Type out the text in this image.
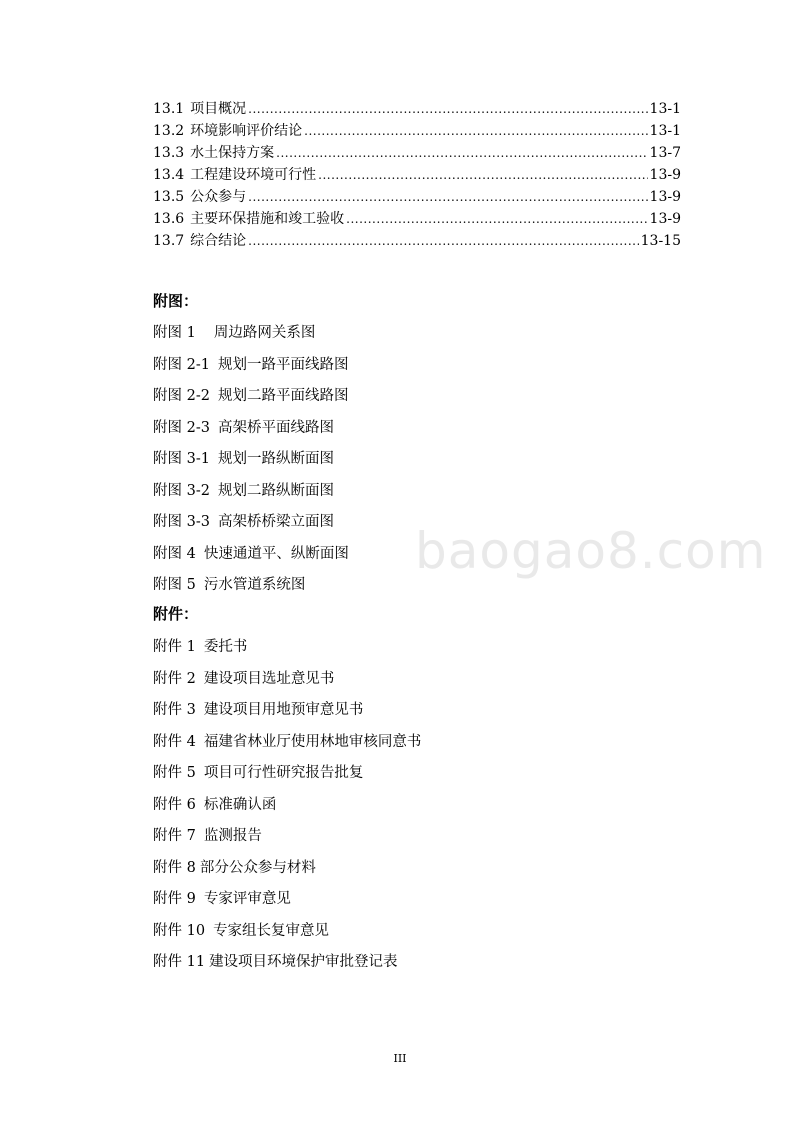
13.1 项目概况 .....	13-1
13.2 环境影响评价结论 .....	13-1
13.3 水土保持方案 .....	13-7
13.4 工程建设环境可行性 .....	13-9
13.5 公众参与 .....	13-9
13.6 主要环保措施和竣工验收 .....	13-9
13.7 综合结论 .....	13-15
附图：
附图 1 周边路网关系图
附图 2-1 规划一路平面线路图
附图 2-2 规划二路平面线路图
附图 2-3 高架桥平面线路图
附图 3-1 规划一路纵断面图
附图 3-2 规划二路纵断面图
附图 3-3 高架桥桥梁立面图
附图 4 快速通道平、纵断面图
附图 5 污水管道系统图
附件：
附件 1 委托书
附件 2 建设项目选址意见书
附件 3 建设项目用地预审意见书
附件 4 福建省林业厅使用林地审核同意书
附件 5 项目可行性研究报告批复
附件 6 标准确认函
附件 7 监测报告
附件 8 部分公众参与材料
附件 9 专家评审意见
附件 10 专家组长复审意见
附件 11 建设项目环境保护审批登记表
baogao8.com
III
